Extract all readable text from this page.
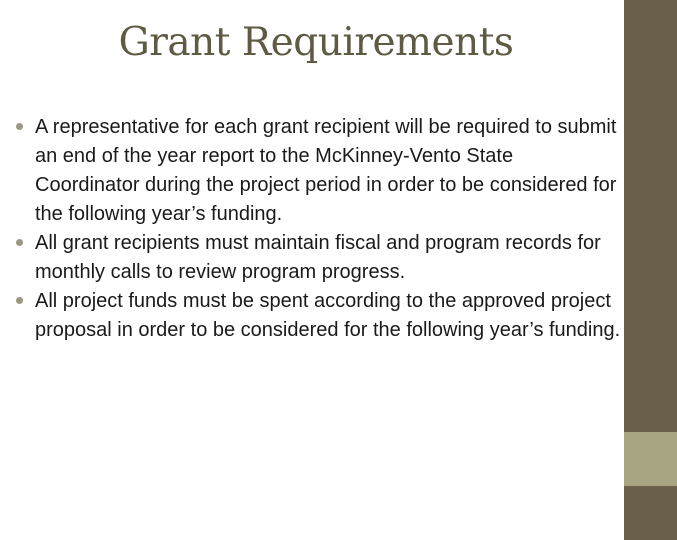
Grant Requirements
A representative for each grant recipient will be required to submit an end of the year report to the McKinney-Vento State Coordinator during the project period in order to be considered for the following year’s funding.
All grant recipients must maintain fiscal and program records for monthly calls to review program progress.
All project funds must be spent according to the approved project proposal in order to be considered for the following year’s funding.
